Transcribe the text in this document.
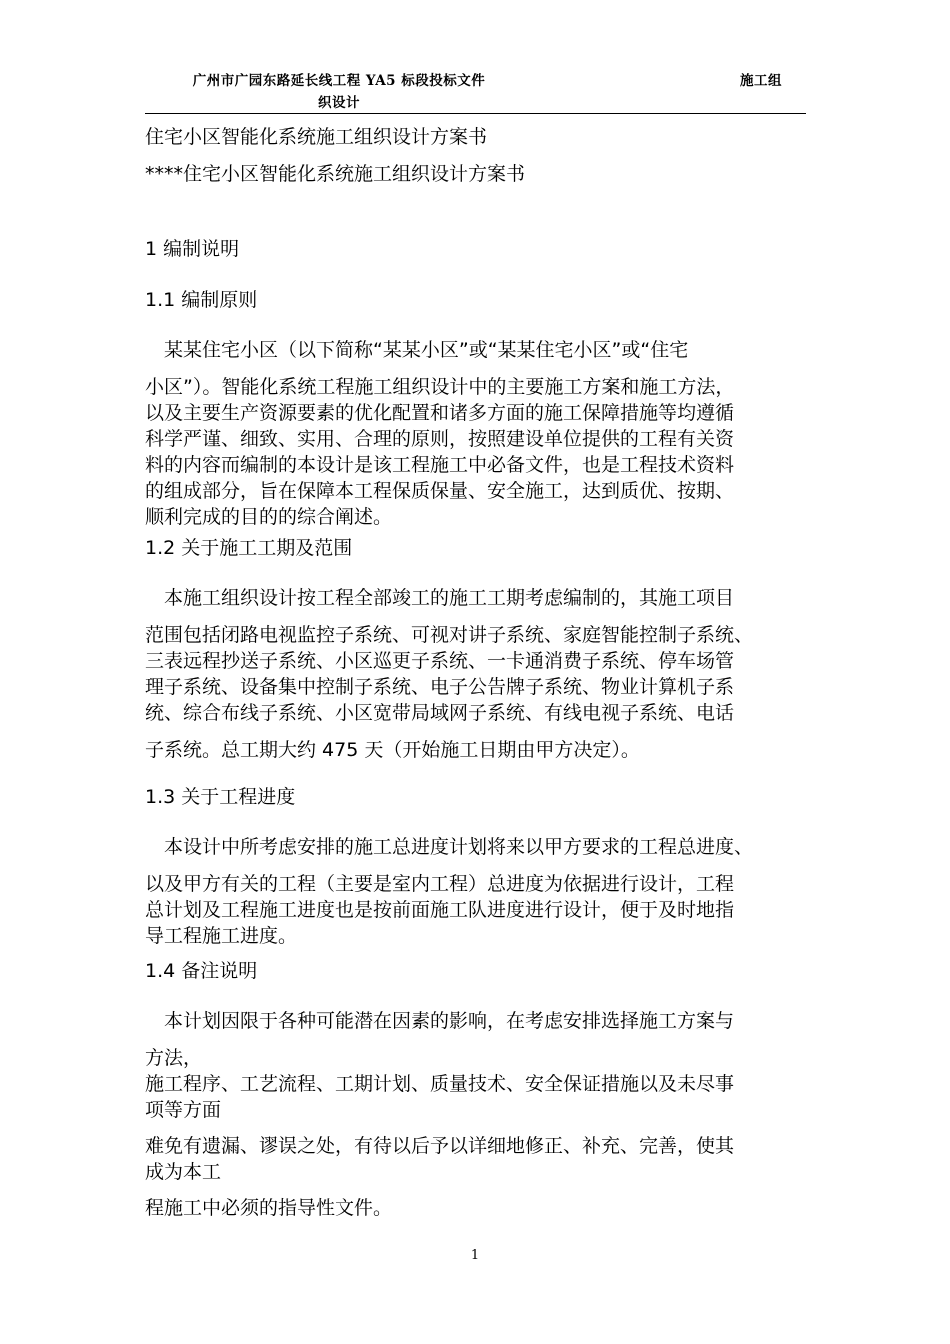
广州市广园东路延长线工程 YA5 标段投标文件
织设计
施工组
住宅小区智能化系统施工组织设计方案书
****住宅小区智能化系统施工组织设计方案书
1 编制说明
1.1 编制原则
　某某住宅小区（以下简称“某某小区”或“某某住宅小区”或“住宅
小区”）。智能化系统工程施工组织设计中的主要施工方案和施工方法，
以及主要生产资源要素的优化配置和诸多方面的施工保障措施等均遵循
科学严谨、细致、实用、合理的原则，按照建设单位提供的工程有关资
料的内容而编制的本设计是该工程施工中必备文件，也是工程技术资料
的组成部分，旨在保障本工程保质保量、安全施工，达到质优、按期、
顺利完成的目的的综合阐述。
1.2 关于施工工期及范围
　本施工组织设计按工程全部竣工的施工工期考虑编制的，其施工项目
范围包括闭路电视监控子系统、可视对讲子系统、家庭智能控制子系统、
三表远程抄送子系统、小区巡更子系统、一卡通消费子系统、停车场管
理子系统、设备集中控制子系统、电子公告牌子系统、物业计算机子系
统、综合布线子系统、小区宽带局域网子系统、有线电视子系统、电话
子系统。总工期大约 475 天（开始施工日期由甲方决定）。
1.3 关于工程进度
　本设计中所考虑安排的施工总进度计划将来以甲方要求的工程总进度、
以及甲方有关的工程（主要是室内工程）总进度为依据进行设计，工程
总计划及工程施工进度也是按前面施工队进度进行设计，便于及时地指
导工程施工进度。
1.4 备注说明
　本计划因限于各种可能潜在因素的影响，在考虑安排选择施工方案与
方法，
施工程序、工艺流程、工期计划、质量技术、安全保证措施以及未尽事
项等方面
难免有遗漏、谬误之处，有待以后予以详细地修正、补充、完善，使其
成为本工
程施工中必须的指导性文件。
1
